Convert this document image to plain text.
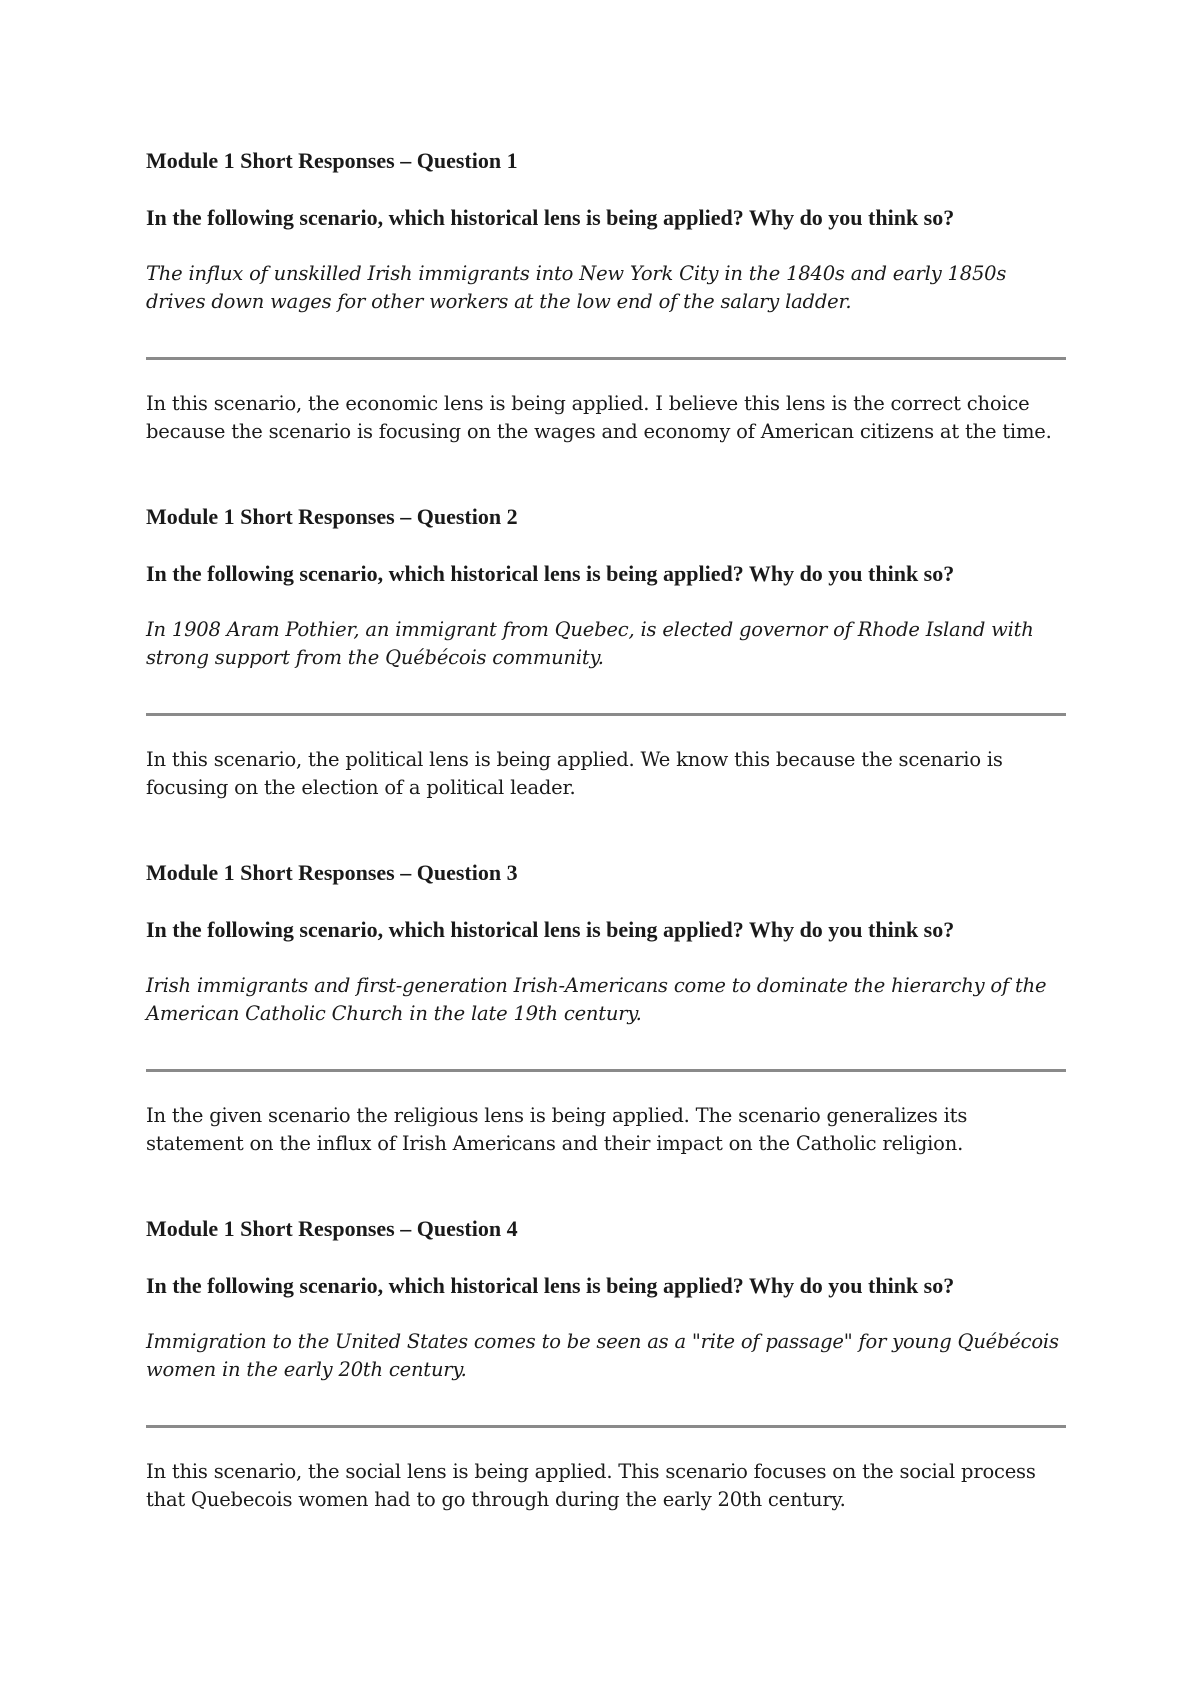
Module 1 Short Responses – Question 1
In the following scenario, which historical lens is being applied? Why do you think so?
The influx of unskilled Irish immigrants into New York City in the 1840s and early 1850s drives down wages for other workers at the low end of the salary ladder.
In this scenario, the economic lens is being applied. I believe this lens is the correct choice because the scenario is focusing on the wages and economy of American citizens at the time.
Module 1 Short Responses – Question 2
In the following scenario, which historical lens is being applied? Why do you think so?
In 1908 Aram Pothier, an immigrant from Quebec, is elected governor of Rhode Island with strong support from the Québécois community.
In this scenario, the political lens is being applied. We know this because the scenario is focusing on the election of a political leader.
Module 1 Short Responses – Question 3
In the following scenario, which historical lens is being applied? Why do you think so?
Irish immigrants and first-generation Irish-Americans come to dominate the hierarchy of the American Catholic Church in the late 19th century.
In the given scenario the religious lens is being applied. The scenario generalizes its statement on the influx of Irish Americans and their impact on the Catholic religion.
Module 1 Short Responses – Question 4
In the following scenario, which historical lens is being applied? Why do you think so?
Immigration to the United States comes to be seen as a "rite of passage" for young Québécois women in the early 20th century.
In this scenario, the social lens is being applied. This scenario focuses on the social process that Quebecois women had to go through during the early 20th century.
